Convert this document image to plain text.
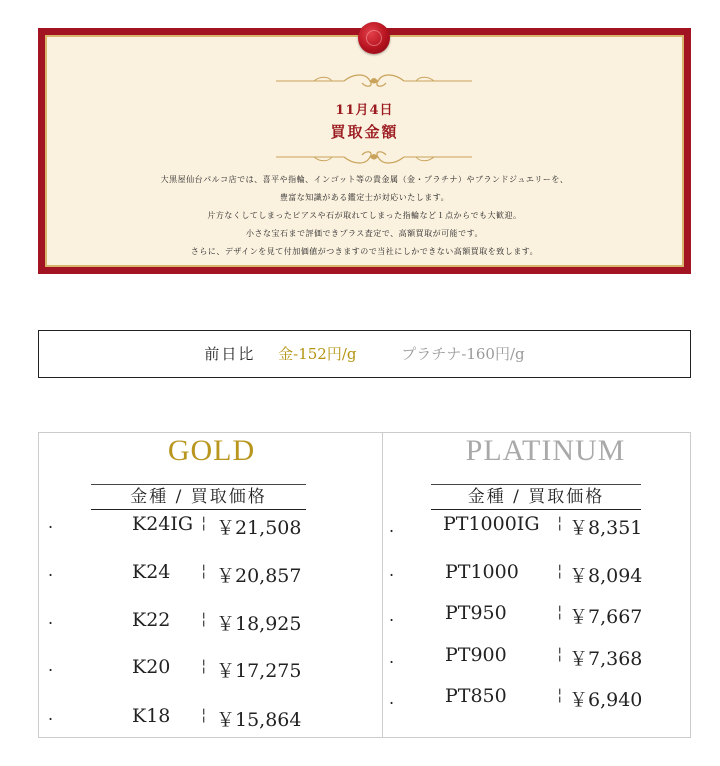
11月4日
買取金額
大黒屋仙台パルコ店では、喜平や指輪、インゴット等の貴金属（金・プラチナ）やブランドジュエリーを、
豊富な知識がある鑑定士が対応いたします。
片方なくしてしまったピアスや石が取れてしまった指輪など１点からでも大歓迎。
小さな宝石まで評価できプラス査定で、高額買取が可能です。
さらに、デザインを見て付加価値がつきますので当社にしかできない高額買取を致します。
前日比 金-152円/g	プラチナ-160円/g
GOLD
金種 / 買取価格
.	K24IG ¦ ￥21,508
.	K24 ¦ ￥20,857
.	K22 ¦ ￥18,925
.	K20 ¦ ￥17,275
.	K18 ¦ ￥15,864
PLATINUM
金種 / 買取価格
.	PT1000IG ¦ ￥8,351
.	PT1000 ¦ ￥8,094
.	PT950	¦ ￥7,667
.	PT900	¦ ￥7,368
.	PT850	¦ ￥6,940
